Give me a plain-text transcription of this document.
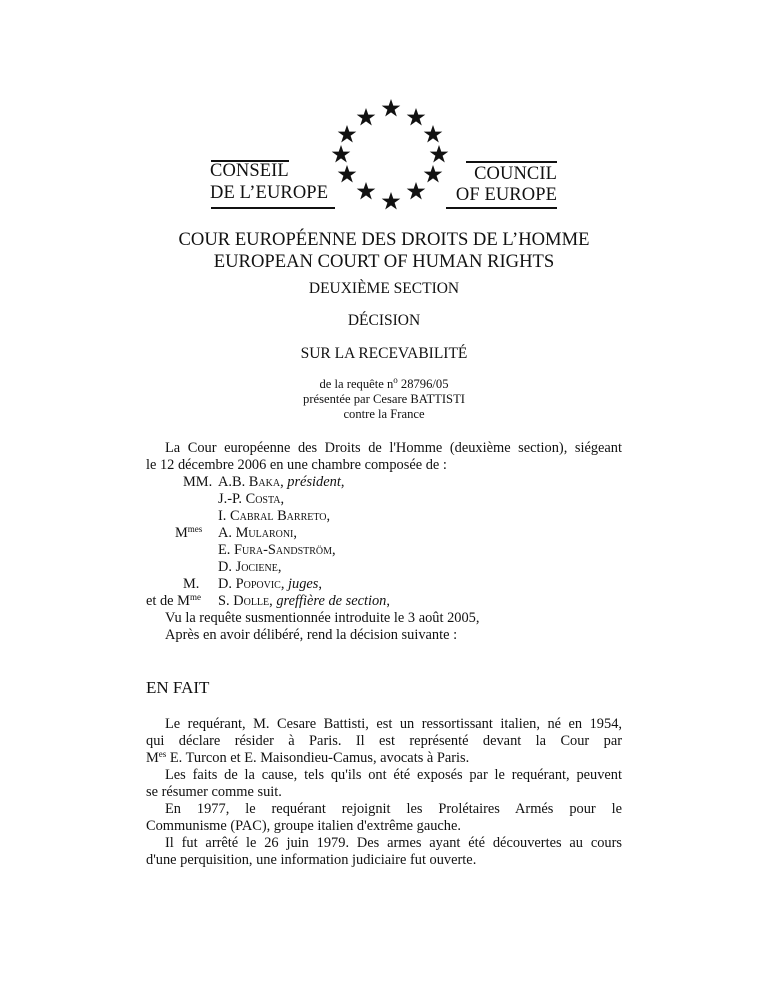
CONSEIL
DE L’EUROPE
COUNCIL
OF EUROPE
COUR EUROPÉENNE DES DROITS DE L’HOMME
EUROPEAN COURT OF HUMAN RIGHTS
DEUXIÈME SECTION
DÉCISION
SUR LA RECEVABILITÉ
de la requête $n^o$ 28796/05
présentée par Cesare BATTISTI
contre la France
La Cour européenne des Droits de l'Homme (deuxième section), siégeant
le 12 décembre 2006 en une chambre composée de :
MM. A.B. Baka, président,
J.-P. Costa,
I. Cabral Barreto,
$M^{mes}$ A. Mularoni,
E. Fura-Sandström,
D. Jociene,
M. D. Popovic, juges,
et de $M^{me}$ S. Dolle, greffière de section,
Vu la requête susmentionnée introduite le 3 août 2005,
Après en avoir délibéré, rend la décision suivante :
EN FAIT
Le requérant, M. Cesare Battisti, est un ressortissant italien, né en 1954,
qui déclare résider à Paris. Il est représenté devant la Cour par
$M^{es}$ E. Turcon et E. Maisondieu-Camus, avocats à Paris.
Les faits de la cause, tels qu'ils ont été exposés par le requérant, peuvent
se résumer comme suit.
En 1977, le requérant rejoignit les Prolétaires Armés pour le
Communisme (PAC), groupe italien d'extrême gauche.
Il fut arrêté le 26 juin 1979. Des armes ayant été découvertes au cours
d'une perquisition, une information judiciaire fut ouverte.
